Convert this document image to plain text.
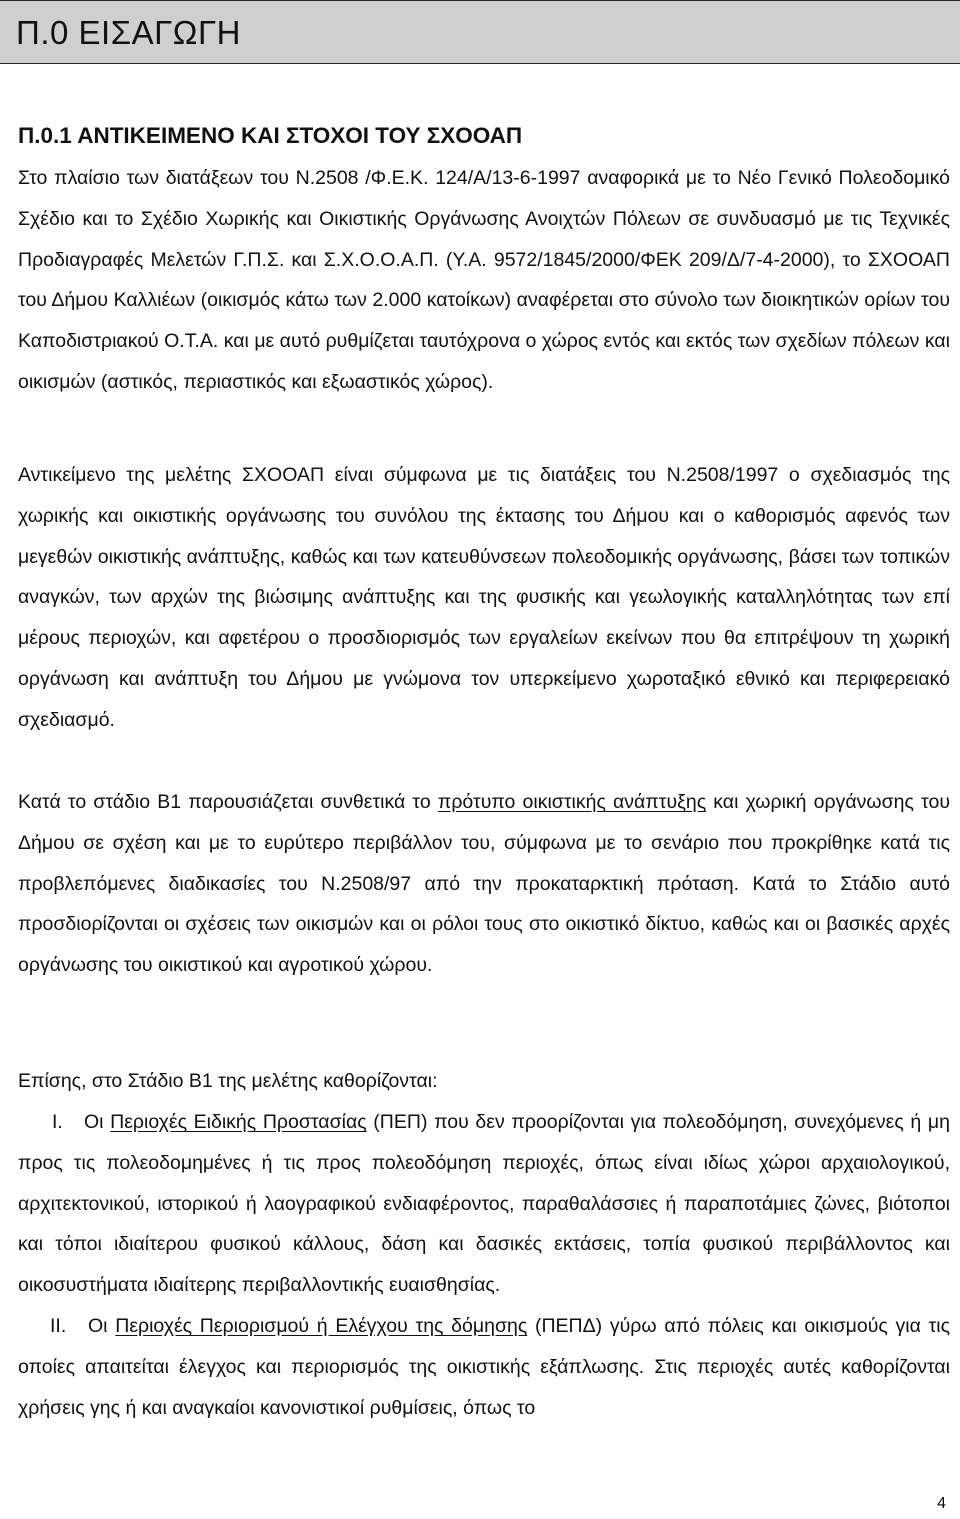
Π.0 ΕΙΣΑΓΩΓΗ
Π.0.1 ΑΝΤΙΚΕΙΜΕΝΟ ΚΑΙ ΣΤΟΧΟΙ ΤΟΥ ΣΧΟΟΑΠ

Στο πλαίσιο των διατάξεων του Ν.2508 /Φ.Ε.Κ. 124/Α/13-6-1997 αναφορικά με το Νέο Γενικό Πολεοδομικό Σχέδιο και το Σχέδιο Χωρικής και Οικιστικής Οργάνωσης Ανοιχτών Πόλεων σε συνδυασμό με τις Τεχνικές Προδιαγραφές Μελετών Γ.Π.Σ. και Σ.Χ.Ο.Ο.Α.Π. (Υ.Α. 9572/1845/2000/ΦΕΚ 209/Δ/7-4-2000), το ΣΧΟΟΑΠ του Δήμου Καλλιέων (οικισμός κάτω των 2.000 κατοίκων) αναφέρεται στο σύνολο των διοικητικών ορίων του Καποδιστριακού Ο.Τ.Α. και με αυτό ρυθμίζεται ταυτόχρονα ο χώρος εντός και εκτός των σχεδίων πόλεων και οικισμών (αστικός, περιαστικός και εξωαστικός χώρος).

Αντικείμενο της μελέτης ΣΧΟΟΑΠ είναι σύμφωνα με τις διατάξεις του Ν.2508/1997 ο σχεδιασμός της χωρικής και οικιστικής οργάνωσης του συνόλου της έκτασης του Δήμου και ο καθορισμός αφενός των μεγεθών οικιστικής ανάπτυξης, καθώς και των κατευθύνσεων πολεοδομικής οργάνωσης, βάσει των τοπικών αναγκών, των αρχών της βιώσιμης ανάπτυξης και της φυσικής και γεωλογικής καταλληλότητας των επί μέρους περιοχών, και αφετέρου ο προσδιορισμός των εργαλείων εκείνων που θα επιτρέψουν τη χωρική οργάνωση και ανάπτυξη του Δήμου με γνώμονα τον υπερκείμενο χωροταξικό εθνικό και περιφερειακό σχεδιασμό.

Κατά το στάδιο Β1 παρουσιάζεται συνθετικά το πρότυπο οικιστικής ανάπτυξης και χωρική οργάνωσης του Δήμου σε σχέση και με το ευρύτερο περιβάλλον του, σύμφωνα με το σενάριο που προκρίθηκε κατά τις προβλεπόμενες διαδικασίες του Ν.2508/97 από την προκαταρκτική πρόταση. Κατά το Στάδιο αυτό προσδιορίζονται οι σχέσεις των οικισμών και οι ρόλοι τους στο οικιστικό δίκτυο, καθώς και οι βασικές αρχές οργάνωσης του οικιστικού και αγροτικού χώρου.

Επίσης, στο Στάδιο Β1 της μελέτης καθορίζονται:

I. Οι Περιοχές Ειδικής Προστασίας (ΠΕΠ) που δεν προορίζονται για πολεοδόμηση, συνεχόμενες ή μη προς τις πολεοδομημένες ή τις προς πολεοδόμηση περιοχές, όπως είναι ιδίως χώροι αρχαιολογικού, αρχιτεκτονικού, ιστορικού ή λαογραφικού ενδιαφέροντος, παραθαλάσσιες ή παραποτάμιες ζώνες, βιότοποι και τόποι ιδιαίτερου φυσικού κάλλους, δάση και δασικές εκτάσεις, τοπία φυσικού περιβάλλοντος και οικοσυστήματα ιδιαίτερης περιβαλλοντικής ευαισθησίας.

II. Οι Περιοχές Περιορισμού ή Ελέγχου της δόμησης (ΠΕΠΔ) γύρω από πόλεις και οικισμούς για τις οποίες απαιτείται έλεγχος και περιορισμός της οικιστικής εξάπλωσης. Στις περιοχές αυτές καθορίζονται χρήσεις γης ή και αναγκαίοι κανονιστικοί ρυθμίσεις, όπως το

4
